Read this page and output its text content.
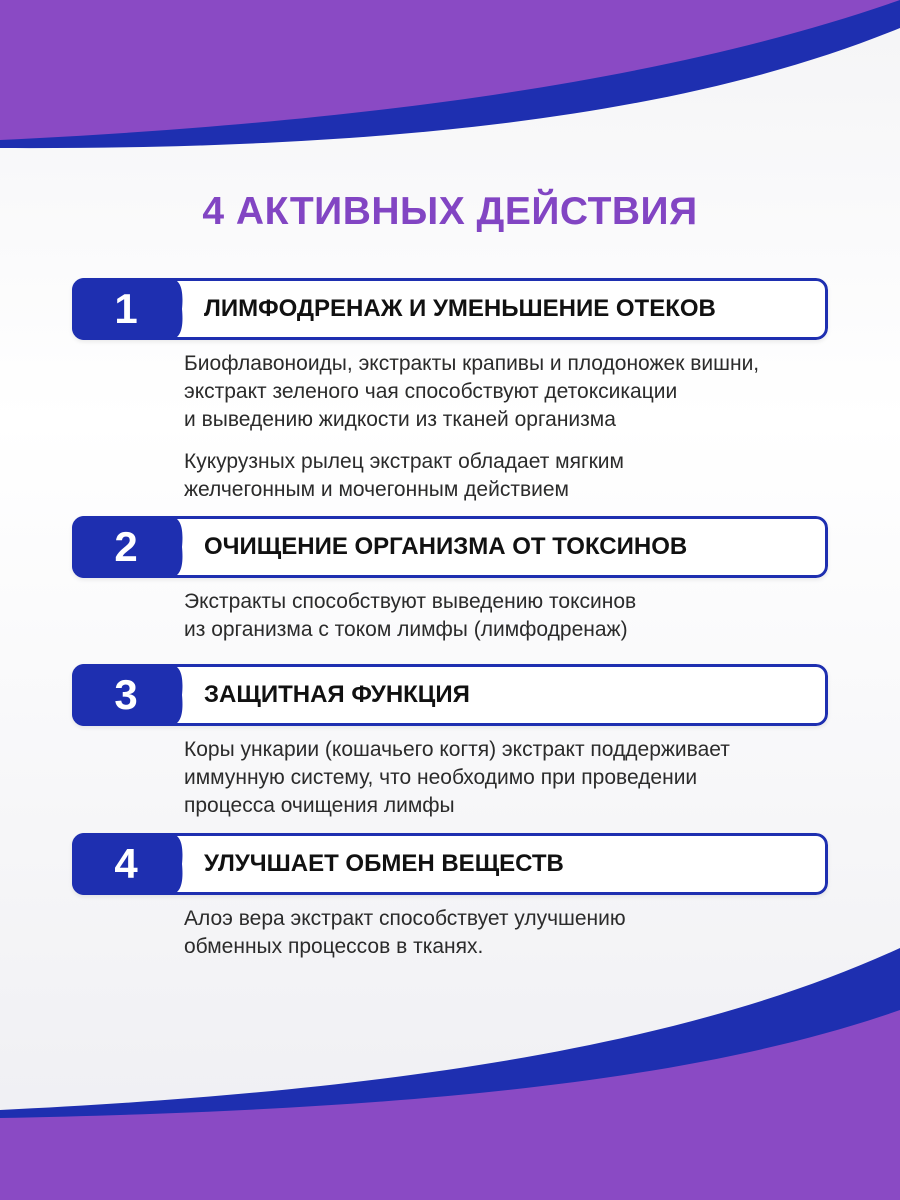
4 АКТИВНЫХ ДЕЙСТВИЯ
1	ЛИМФОДРЕНАЖ И УМЕНЬШЕНИЕ ОТЕКОВ
Биофлавоноиды, экстракты крапивы и плодоножек вишни,
экстракт зеленого чая способствуют детоксикации
и выведению жидкости из тканей организма
Кукурузных рылец экстракт обладает мягким
желчегонным и мочегонным действием
2	ОЧИЩЕНИЕ ОРГАНИЗМА ОТ ТОКСИНОВ
Экстракты способствуют выведению токсинов
из организма с током лимфы (лимфодренаж)
3	ЗАЩИТНАЯ ФУНКЦИЯ
Коры ункарии (кошачьего когтя) экстракт поддерживает
иммунную систему, что необходимо при проведении
процесса очищения лимфы
4	УЛУЧШАЕТ ОБМЕН ВЕЩЕСТВ
Алоэ вера экстракт способствует улучшению
обменных процессов в тканях.
